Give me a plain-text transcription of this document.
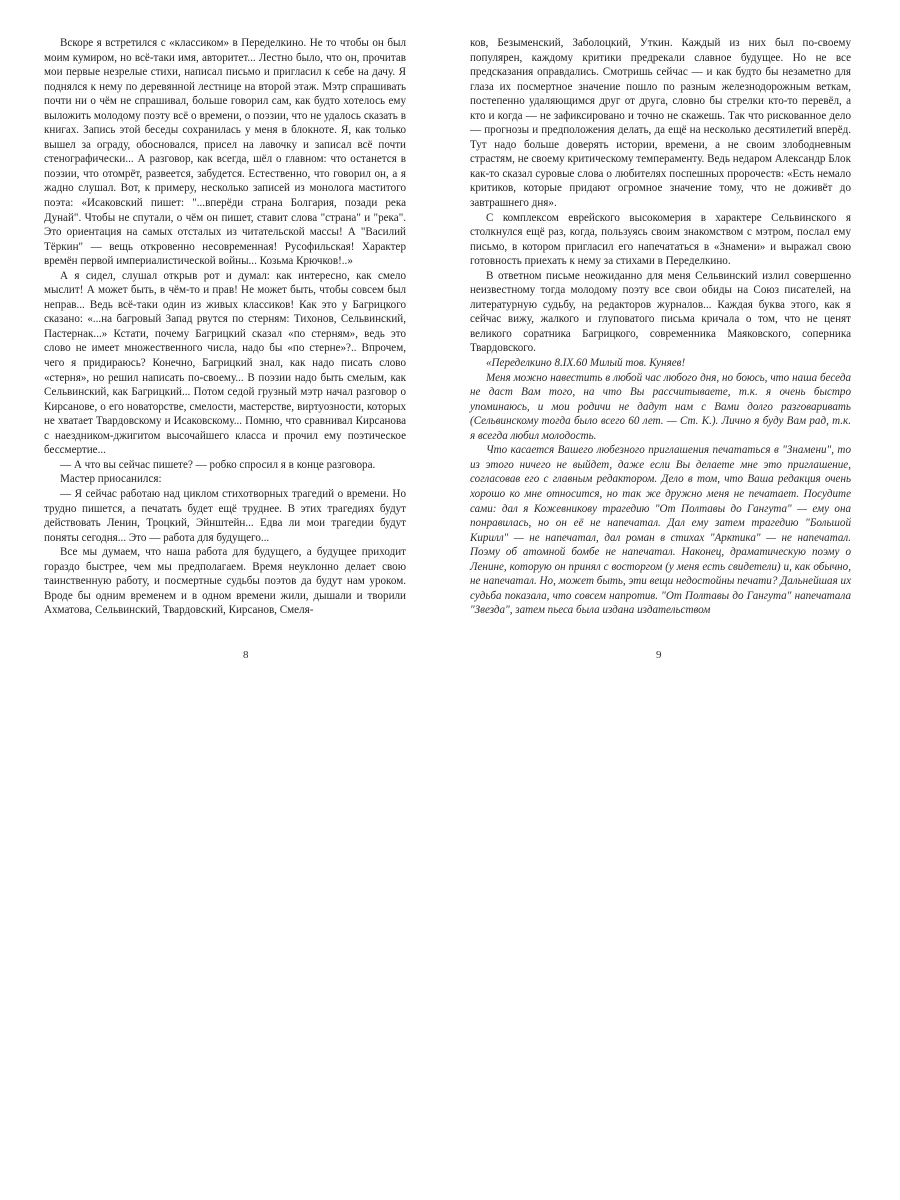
Вскоре я встретился с «классиком» в Переделкино. Не то чтобы он был моим кумиром, но всё-таки имя, авторитет... Лестно было, что он, прочитав мои первые незрелые стихи, написал письмо и пригласил к себе на дачу. Я поднялся к нему по деревянной лестнице на второй этаж. Мэтр спрашивать почти ни о чём не спрашивал, больше говорил сам, как будто хотелось ему выложить молодому поэту всё о времени, о поэзии, что не удалось сказать в книгах. Запись этой беседы сохранилась у меня в блокноте. Я, как только вышел за ограду, обосновался, присел на лавочку и записал всё почти стенографически... А разговор, как всегда, шёл о главном: что останется в поэзии, что отомрёт, развеется, забудется. Естественно, что говорил он, а я жадно слушал. Вот, к примеру, несколько записей из монолога маститого поэта: «Исаковский пишет: "...вперёди страна Болгария, позади река Дунай". Чтобы не спутали, о чём он пишет, ставит слова "страна" и "река". Это ориентация на самых отсталых из читательской массы! А "Василий Тёркин" — вещь откровенно несовременная! Русофильская! Характер времён первой империалистической войны... Козьма Крючков!..»

А я сидел, слушал открыв рот и думал: как интересно, как смело мыслит! А может быть, в чём-то и прав! Не может быть, чтобы совсем был неправ... Ведь всё-таки один из живых классиков! Как это у Багрицкого сказано: «...на багровый Запад рвутся по стерням: Тихонов, Сельвинский, Пастернак...» Кстати, почему Багрицкий сказал «по стерням», ведь это слово не имеет множественного числа, надо бы «по стерне»?.. Впрочем, чего я придираюсь? Конечно, Багрицкий знал, как надо писать слово «стерня», но решил написать по-своему... В поэзии надо быть смелым, как Сельвинский, как Багрицкий... Потом седой грузный мэтр начал разговор о Кирсанове, о его новаторстве, смелости, мастерстве, виртуозности, которых не хватает Твардовскому и Исаковскому... Помню, что сравнивал Кирсанова с наездником-джигитом высочайшего класса и прочил ему поэтическое бессмертие...

— А что вы сейчас пишете? — робко спросил я в конце разговора.

Мастер приосанился:

— Я сейчас работаю над циклом стихотворных трагедий о времени. Но трудно пишется, а печатать будет ещё труднее. В этих трагедиях будут действовать Ленин, Троцкий, Эйнштейн... Едва ли мои трагедии будут поняты сегодня... Это — работа для будущего...

Все мы думаем, что наша работа для будущего, а будущее приходит гораздо быстрее, чем мы предполагаем. Время неуклонно делает свою таинственную работу, и посмертные судьбы поэтов да будут нам уроком. Вроде бы одним временем и в одном времени жили, дышали и творили Ахматова, Сельвинский, Твардовский, Кирсанов, Смеля-

ков, Безыменский, Заболоцкий, Уткин. Каждый из них был по-своему популярен, каждому критики предрекали славное будущее. Но не все предсказания оправдались. Смотришь сейчас — и как будто бы незаметно для глаза их посмертное значение пошло по разным железнодорожным веткам, постепенно удаляющимся друг от друга, словно бы стрелки кто-то перевёл, а кто и когда — не зафиксировано и точно не скажешь. Так что рискованное дело — прогнозы и предположения делать, да ещё на несколько десятилетий вперёд. Тут надо больше доверять истории, времени, а не своим злободневным страстям, не своему критическому темпераменту. Ведь недаром Александр Блок как-то сказал суровые слова о любителях поспешных пророчеств: «Есть немало критиков, которые придают огромное значение тому, что не доживёт до завтрашнего дня».

С комплексом еврейского высокомерия в характере Сельвинского я столкнулся ещё раз, когда, пользуясь своим знакомством с мэтром, послал ему письмо, в котором пригласил его напечататься в «Знамени» и выражал свою готовность приехать к нему за стихами в Переделкино.

В ответном письме неожиданно для меня Сельвинский излил совершенно неизвестному тогда молодому поэту все свои обиды на Союз писателей, на литературную судьбу, на редакторов журналов... Каждая буква этого, как я сейчас вижу, жалкого и глуповатого письма кричала о том, что не ценят великого соратника Багрицкого, современника Маяковского, соперника Твардовского.

«Переделкино 8.IX.60 Милый тов. Куняев!

Меня можно навестить в любой час любого дня, но боюсь, что наша беседа не даст Вам того, на что Вы рассчитываете, т.к. я очень быстро упоминаюсь, и мои родичи не дадут нам с Вами долго разговаривать (Сельвинскому тогда было всего 60 лет. — Ст. К.). Лично я буду Вам рад, т.к. я всегда любил молодость.

Что касается Вашего любезного приглашения печататься в "Знамени", то из этого ничего не выйдет, даже если Вы делаете мне это приглашение, согласовав его с главным редактором. Дело в том, что Ваша редакция очень хорошо ко мне относится, но так же дружно меня не печатает. Посудите сами: дал я Кожевникову трагедию "От Полтавы до Гангута" — ему она понравилась, но он её не напечатал. Дал ему затем трагедию "Большой Кирилл" — не напечатал, дал роман в стихах "Арктика" — не напечатал. Поэму об атомной бомбе не напечатал. Наконец, драматическую поэму о Ленине, которую он принял с восторгом (у меня есть свидетели) и, как обычно, не напечатал. Но, может быть, эти вещи недостойны печати? Дальнейшая их судьба показала, что совсем напротив. "От Полтавы до Гангута" напечатала "Звезда", затем пьеса была издана издательством

8	9
